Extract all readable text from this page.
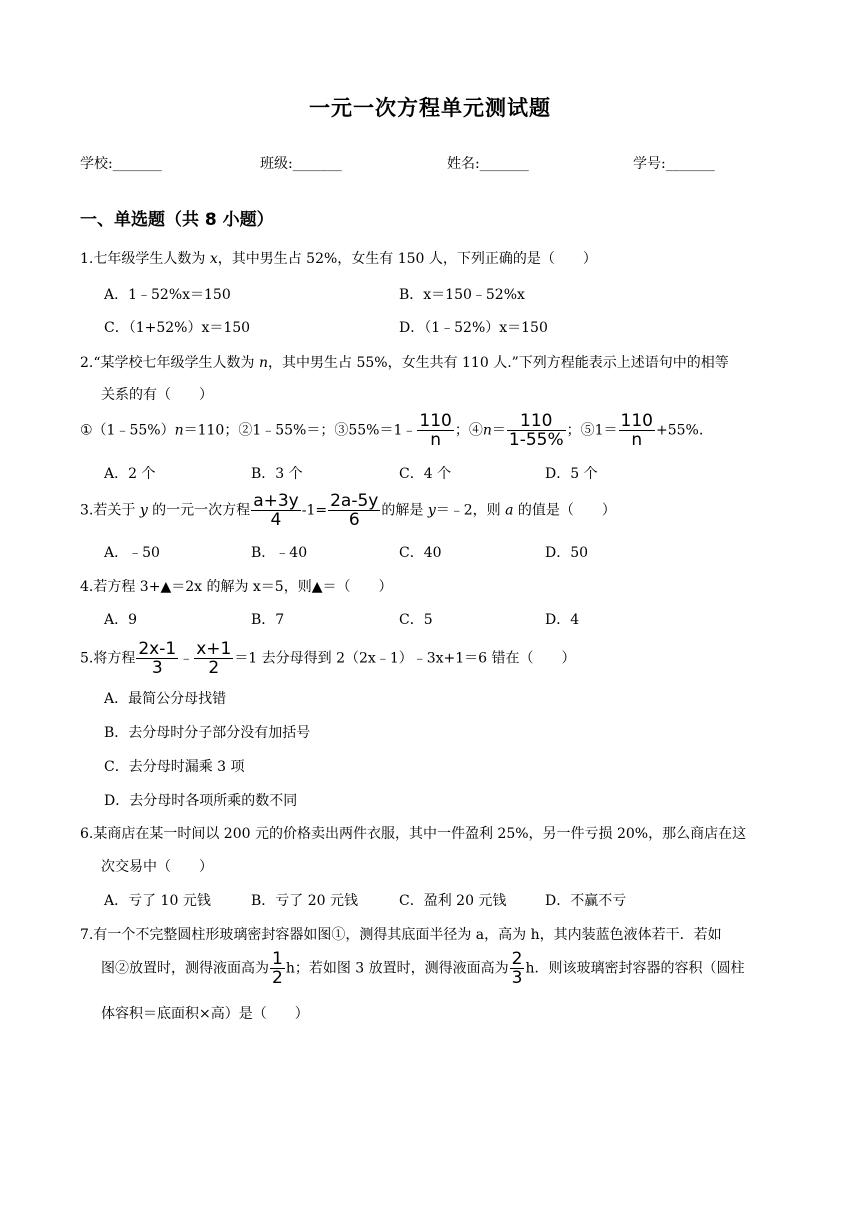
一元一次方程单元测试题
学校:_______	班级:_______	姓名:_______	学号:_______
一、单选题（共 8 小题）
1.七年级学生人数为 x，其中男生占 52%，女生有 150 人，下列正确的是（　　）
A．1﹣52%x＝150	B．x＝150﹣52%x
C．（1+52%）x＝150	D．（1﹣52%）x＝150
2.“某学校七年级学生人数为 n，其中男生占 55%，女生共有 110 人.”下列方程能表示上述语句中的相等
关系的有（　　）
①（1﹣55%）n＝110；②1﹣55%＝；③55%＝1﹣ $\frac{110}{n}$ ；④n＝ $\frac{110}{1-55\%}$ ；⑤1＝ $\frac{110}{n} +55\%$.
A．2 个	B．3 个	C．4 个	D．5 个
3.若关于 y 的一元一次方程 $\frac{a+3y}{4} -1= \frac{2a-5y}{6}$ 的解是 y＝﹣2，则 a 的值是（　　）
A．﹣50	B．﹣40	C．40	D．50
4.若方程 3+▲＝2x 的解为 x＝5，则▲＝（　　）
A．9	B．7	C．5	D．4
5.将方程 $\frac{2x-1}{3}$ ﹣ $\frac{x+1}{2} =1$ 去分母得到 2（2x﹣1）﹣3x+1＝6 错在（　　）
A．最简公分母找错
B．去分母时分子部分没有加括号
C．去分母时漏乘 3 项
D．去分母时各项所乘的数不同
6.某商店在某一时间以 200 元的价格卖出两件衣服，其中一件盈利 25%，另一件亏损 20%，那么商店在这
次交易中（　　）
A．亏了 10 元钱	B．亏了 20 元钱	C．盈利 20 元钱	D．不赢不亏
7.有一个不完整圆柱形玻璃密封容器如图①，测得其底面半径为 a，高为 h，其内装蓝色液体若干．若如
图②放置时，测得液面高为 $\frac{1}{2}$ h；若如图 3 放置时，测得液面高为 $\frac{2}{3}$ h．则该玻璃密封容器的容积（圆柱
体容积＝底面积×高）是（　　）
